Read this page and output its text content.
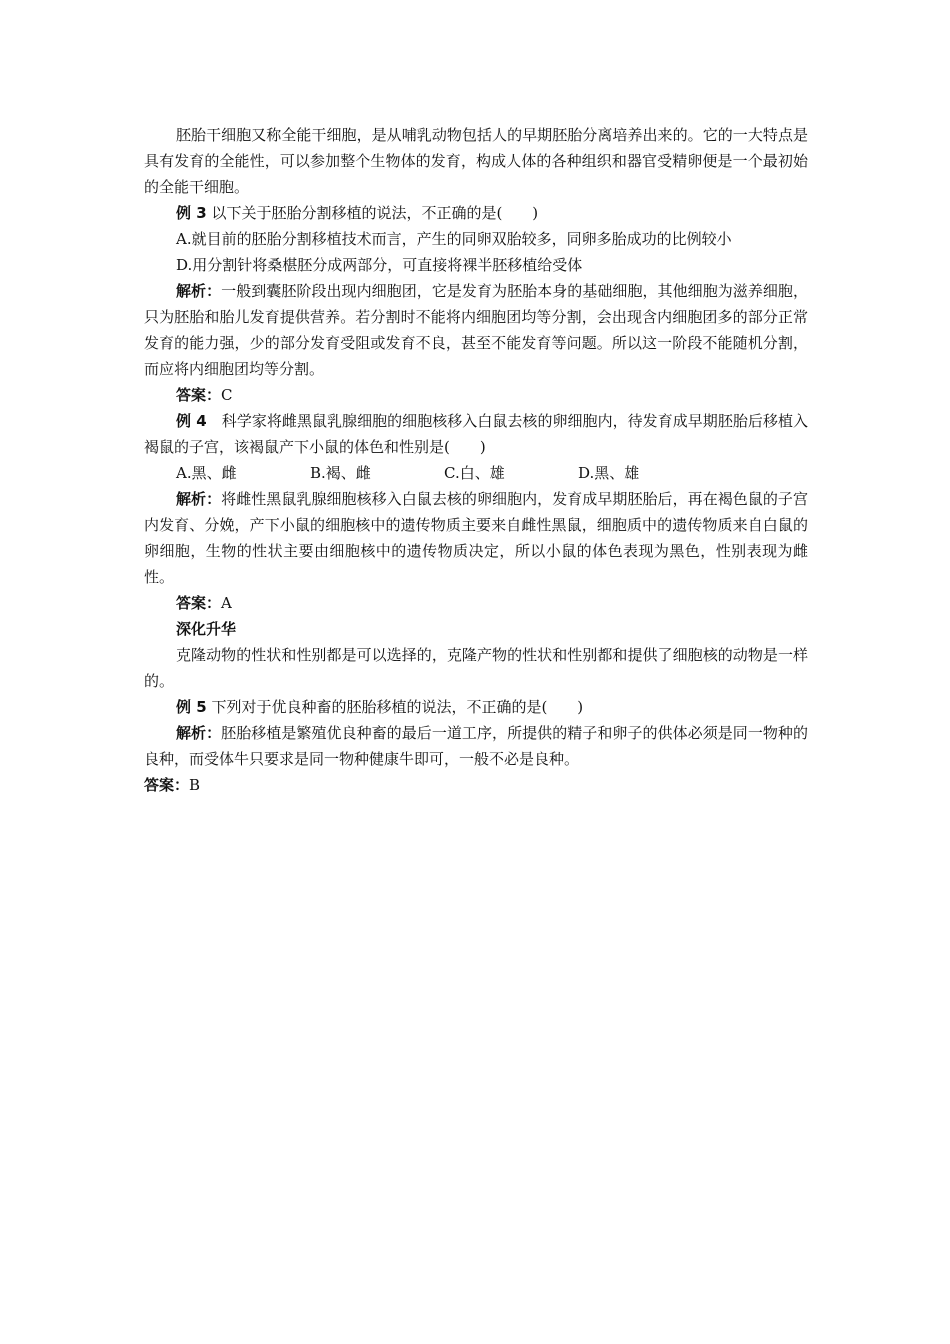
胚胎干细胞又称全能干细胞，是从哺乳动物包括人的早期胚胎分离培养出来的。它的一大特点是具有发育的全能性，可以参加整个生物体的发育，构成人体的各种组织和器官受精卵便是一个最初始的全能干细胞。

例 3 以下关于胚胎分割移植的说法，不正确的是(　　)

A.就目前的胚胎分割移植技术而言，产生的同卵双胎较多，同卵多胎成功的比例较小

D.用分割针将桑椹胚分成两部分，可直接将裸半胚移植给受体

解析：一般到囊胚阶段出现内细胞团，它是发育为胚胎本身的基础细胞，其他细胞为滋养细胞，只为胚胎和胎儿发育提供营养。若分割时不能将内细胞团均等分割，会出现含内细胞团多的部分正常发育的能力强，少的部分发育受阻或发育不良，甚至不能发育等问题。所以这一阶段不能随机分割，而应将内细胞团均等分割。

答案：C

例 4　科学家将雌黑鼠乳腺细胞的细胞核移入白鼠去核的卵细胞内，待发育成早期胚胎后移植入褐鼠的子宫，该褐鼠产下小鼠的体色和性别是(　　)

A.黑、雌	B.褐、雌	C.白、雄	D.黑、雄

解析：将雌性黑鼠乳腺细胞核移入白鼠去核的卵细胞内，发育成早期胚胎后，再在褐色鼠的子宫内发育、分娩，产下小鼠的细胞核中的遗传物质主要来自雌性黑鼠，细胞质中的遗传物质来自白鼠的卵细胞，生物的性状主要由细胞核中的遗传物质决定，所以小鼠的体色表现为黑色，性别表现为雌性。

答案：A

深化升华

克隆动物的性状和性别都是可以选择的，克隆产物的性状和性别都和提供了细胞核的动物是一样的。

例 5 下列对于优良种畜的胚胎移植的说法，不正确的是(　　)

解析：胚胎移植是繁殖优良种畜的最后一道工序，所提供的精子和卵子的供体必须是同一物种的良种，而受体牛只要求是同一物种健康牛即可，一般不必是良种。

答案：B
